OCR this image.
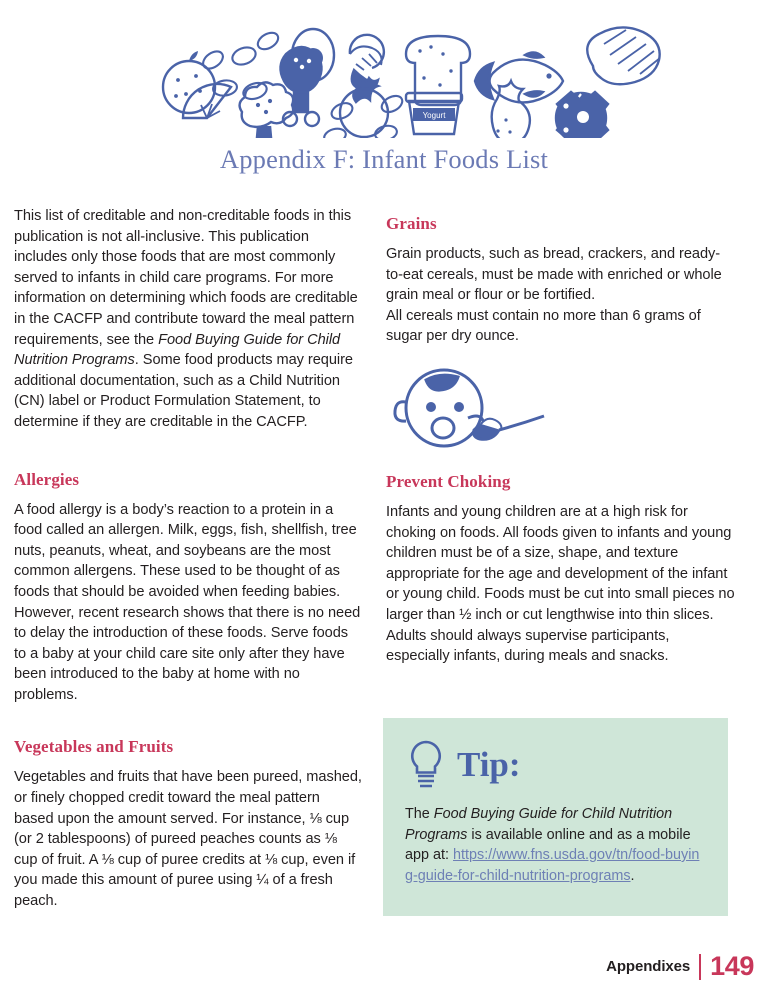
Yogurt
Appendix F: Infant Foods List

This list of creditable and non-creditable foods in this publication is not all-inclusive. This publication includes only those foods that are most commonly served to infants in child care programs. For more information on determining which foods are creditable in the CACFP and contribute toward the meal pattern requirements, see the Food Buying Guide for Child Nutrition Programs. Some food products may require additional documentation, such as a Child Nutrition (CN) label or Product Formulation Statement, to determine if they are creditable in the CACFP.

Allergies

A food allergy is a body’s reaction to a protein in a food called an allergen. Milk, eggs, fish, shellfish, tree nuts, peanuts, wheat, and soybeans are the most common allergens. These used to be thought of as foods that should be avoided when feeding babies. However, recent research shows that there is no need to delay the introduction of these foods. Serve foods to a baby at your child care site only after they have been introduced to the baby at home with no problems.

Vegetables and Fruits

Vegetables and fruits that have been pureed, mashed, or finely chopped credit toward the meal pattern based upon the amount served. For instance, ⅛ cup (or 2 tablespoons) of pureed peaches counts as ⅛ cup of fruit. A ⅛ cup of puree credits at ⅛ cup, even if you made this amount of puree using ¼ of a fresh peach.

Grains

Grain products, such as bread, crackers, and ready-to-eat cereals, must be made with enriched or whole grain meal or flour or be fortified.

All cereals must contain no more than 6 grams of sugar per dry ounce.

Prevent Choking

Infants and young children are at a high risk for choking on foods. All foods given to infants and young children must be of a size, shape, and texture appropriate for the age and development of the infant or young child. Foods must be cut into small pieces no larger than ½ inch or cut lengthwise into thin slices. Adults should always supervise participants, especially infants, during meals and snacks.

Tip:
The Food Buying Guide for Child Nutrition Programs is available online and as a mobile app at: https://www.fns.usda.gov/tn/food-buying-guide-for-child-nutrition-programs.
Appendixes 149
